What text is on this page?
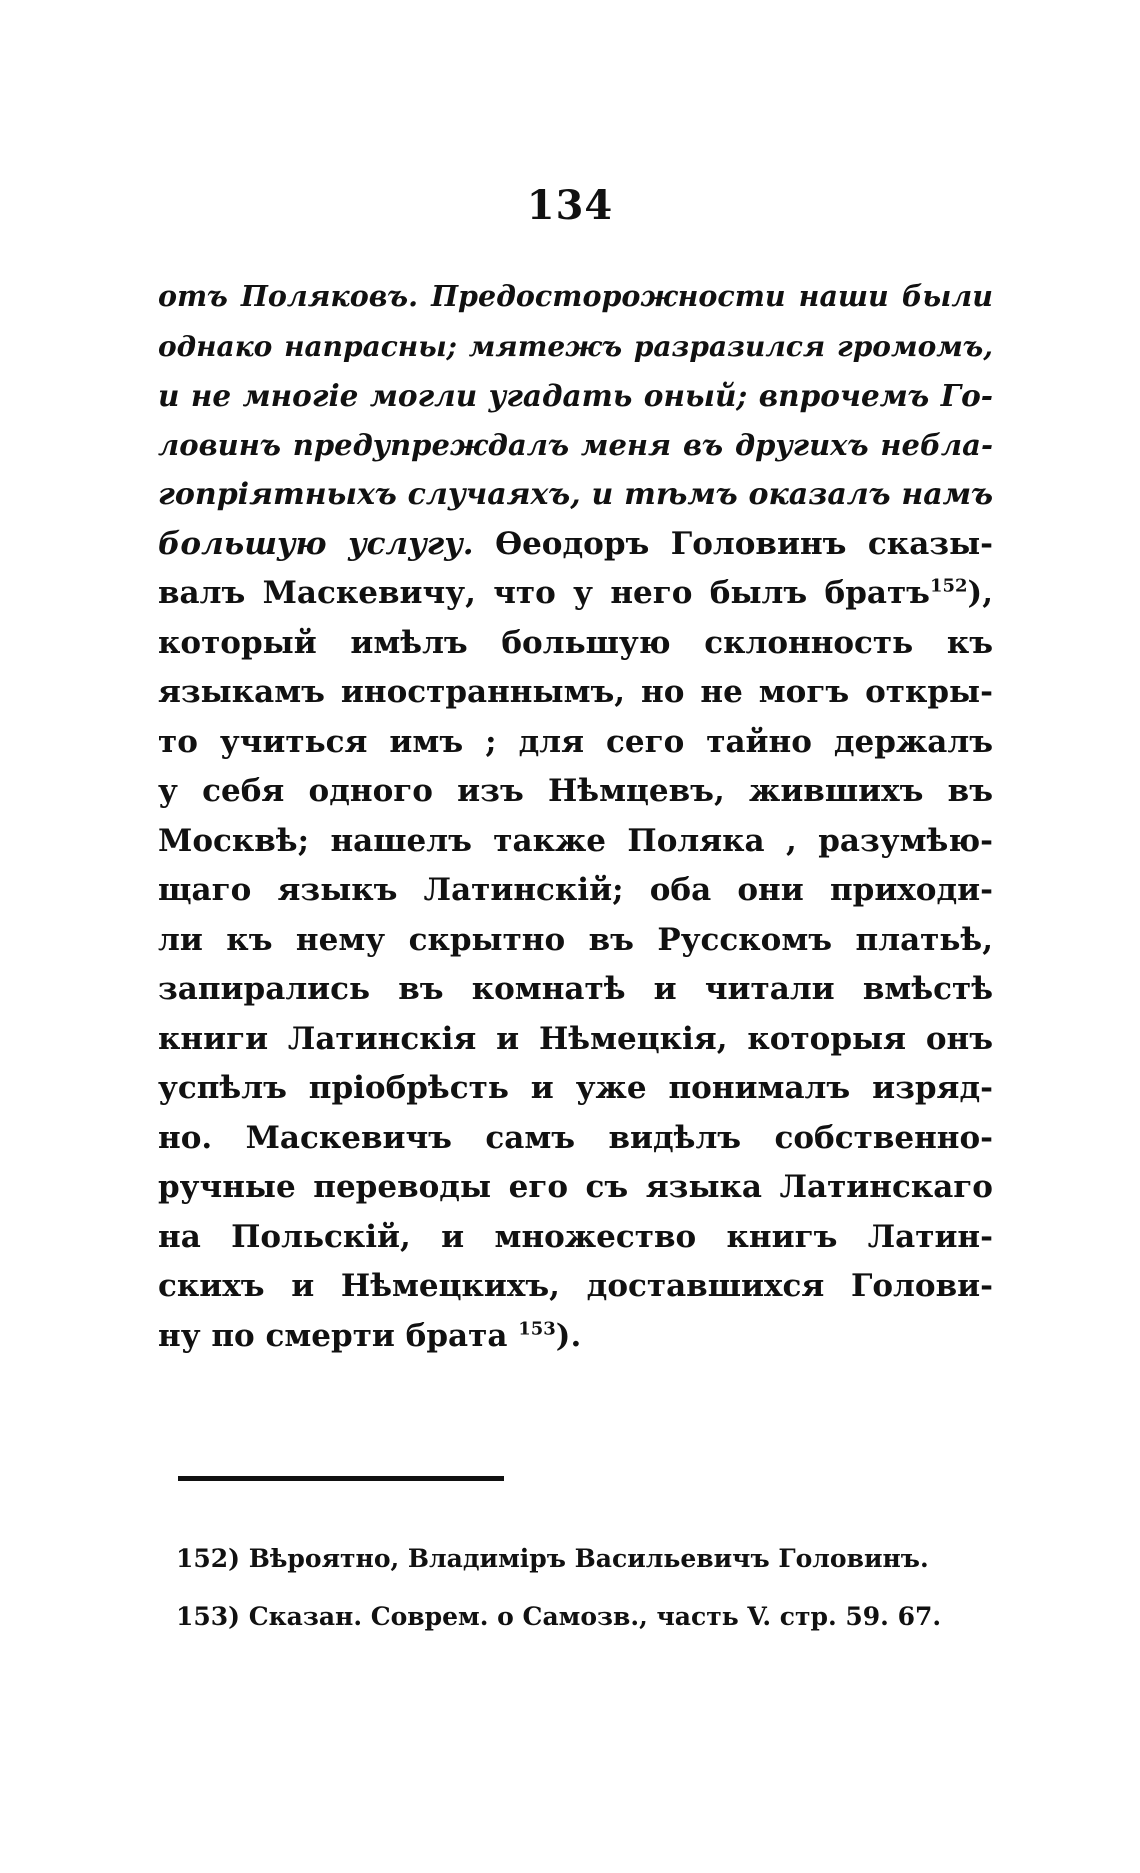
134
отъ Поляковъ. Предосторожности наши были
однако напрасны; мятежъ разразился громомъ,
и не многіе могли угадать оный; впрочемъ Го-
ловинъ предупреждалъ меня въ другихъ небла-
гопріятныхъ случаяхъ, и тѣмъ оказалъ намъ
большую услугу. Ѳеодоръ Головинъ сказы-
валъ Маскевичу, что у него былъ братъ$^{152}$),
который имѣлъ большую склонность къ
языкамъ иностраннымъ, но не могъ откры-
то учиться имъ ; для сего тайно держалъ
у себя одного изъ Нѣмцевъ, жившихъ въ
Москвѣ; нашелъ также Поляка , разумѣю-
щаго языкъ Латинскій; оба они приходи-
ли къ нему скрытно въ Русскомъ платьѣ,
запирались въ комнатѣ и читали вмѣстѣ
книги Латинскія и Нѣмецкія, которыя онъ
успѣлъ пріобрѣсть и уже понималъ изряд-
но. Маскевичъ самъ видѣлъ собственно-
ручные переводы его съ языка Латинскаго
на Польскій, и множество книгъ Латин-
скихъ и Нѣмецкихъ, доставшихся Голови-
ну по смерти брата $^{153}$).
152) Вѣроятно, Владиміръ Васильевичъ Головинъ.
153) Сказан. Соврем. о Самозв., часть V. стр. 59. 67.
